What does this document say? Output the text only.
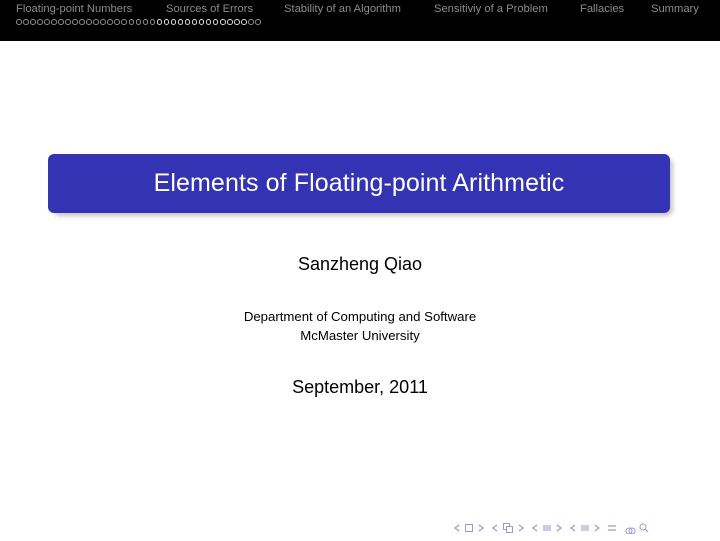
Floating-point Numbers	Sources of Errors	Stability of an Algorithm	Sensitiviy of a Problem	Fallacies Summary
Elements of Floating-point Arithmetic
Sanzheng Qiao
Department of Computing and Software
McMaster University
September, 2011
